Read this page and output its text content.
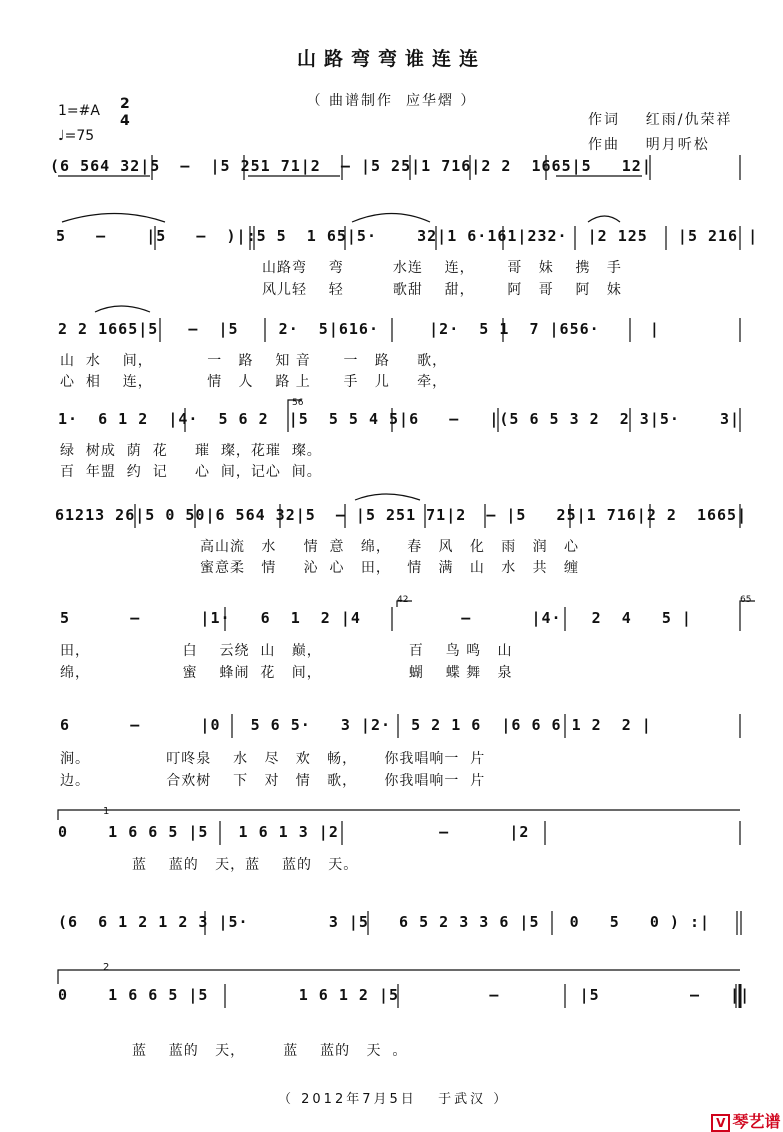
山路弯弯谁连连
（ 曲谱制作  应华熠 ）
1=#A 2
4
♩=75
作词    红雨/仇荣祥
作曲    明月听松
(6 564 32|5  –  |5 251 71|2  – |5 25|1 716|2 2  1665|5   12|
5   –    |5   –  )|:5 5  1 65|5·    32|1 6·161|232·  |2 125   |5 216 |
2 2 1665|5   –  |5    2·  5|616·     |2·  5 1  7 |656·     |
1·  6 1 2  |4·  5 6 2  |5  5 5 4 5|6   –   |(5 6 5 3 2  2 3|5·    3|
61213 26|5 0 50|6 564 32|5  – |5 251 71|2  – |5   25|1 716|2 2  1665|
5      –      |1·   6  1  2 |4          –      |4·   2  4   5 |
6      –      |0   5 6 5·   3 |2·  5 2 1 6  |6 6 6 1 2  2 |
0    1 6 6 5 |5   1 6 1 3 |2          –      |2
(6  6 1 2 1 2 3 |5·        3 |5   6 5 2 3 3 6 |5   0   5   0 ) :|
0    1 6 6 5 |5         1 6 1 2 |5         –        |5         –   ||
山路弯    弯         水连    连，      哥   妹    携   手
风儿轻    轻         歌甜    甜，      阿   哥    阿   妹
山  水    间，          一   路    知 音      一   路     歌，
心  相    连，          情   人    路 上      手   儿     牵，
绿  树成  荫  花     璀  璨，花璀  璨。
百  年盟  约  记     心  间，记心  间。
高山流   水     情  意   绵，   春   风   化   雨   润   心
蜜意柔   情     沁  心   田，   情   满   山   水   共   缠
田，                 白    云绕  山   巅，                百    鸟 鸣   山
绵，                 蜜    蜂闹  花   间，                蝴    蝶 舞   泉
涧。              叮咚泉    水   尽   欢   畅，     你我唱响一  片
边。              合欢树    下   对   情   歌，     你我唱响一  片
蓝    蓝的   天，蓝    蓝的   天。
蓝    蓝的   天，       蓝    蓝的   天  。
1
2
56
42	65
（ 2012年7月5日   于武汉 ）

V 琴艺谱
